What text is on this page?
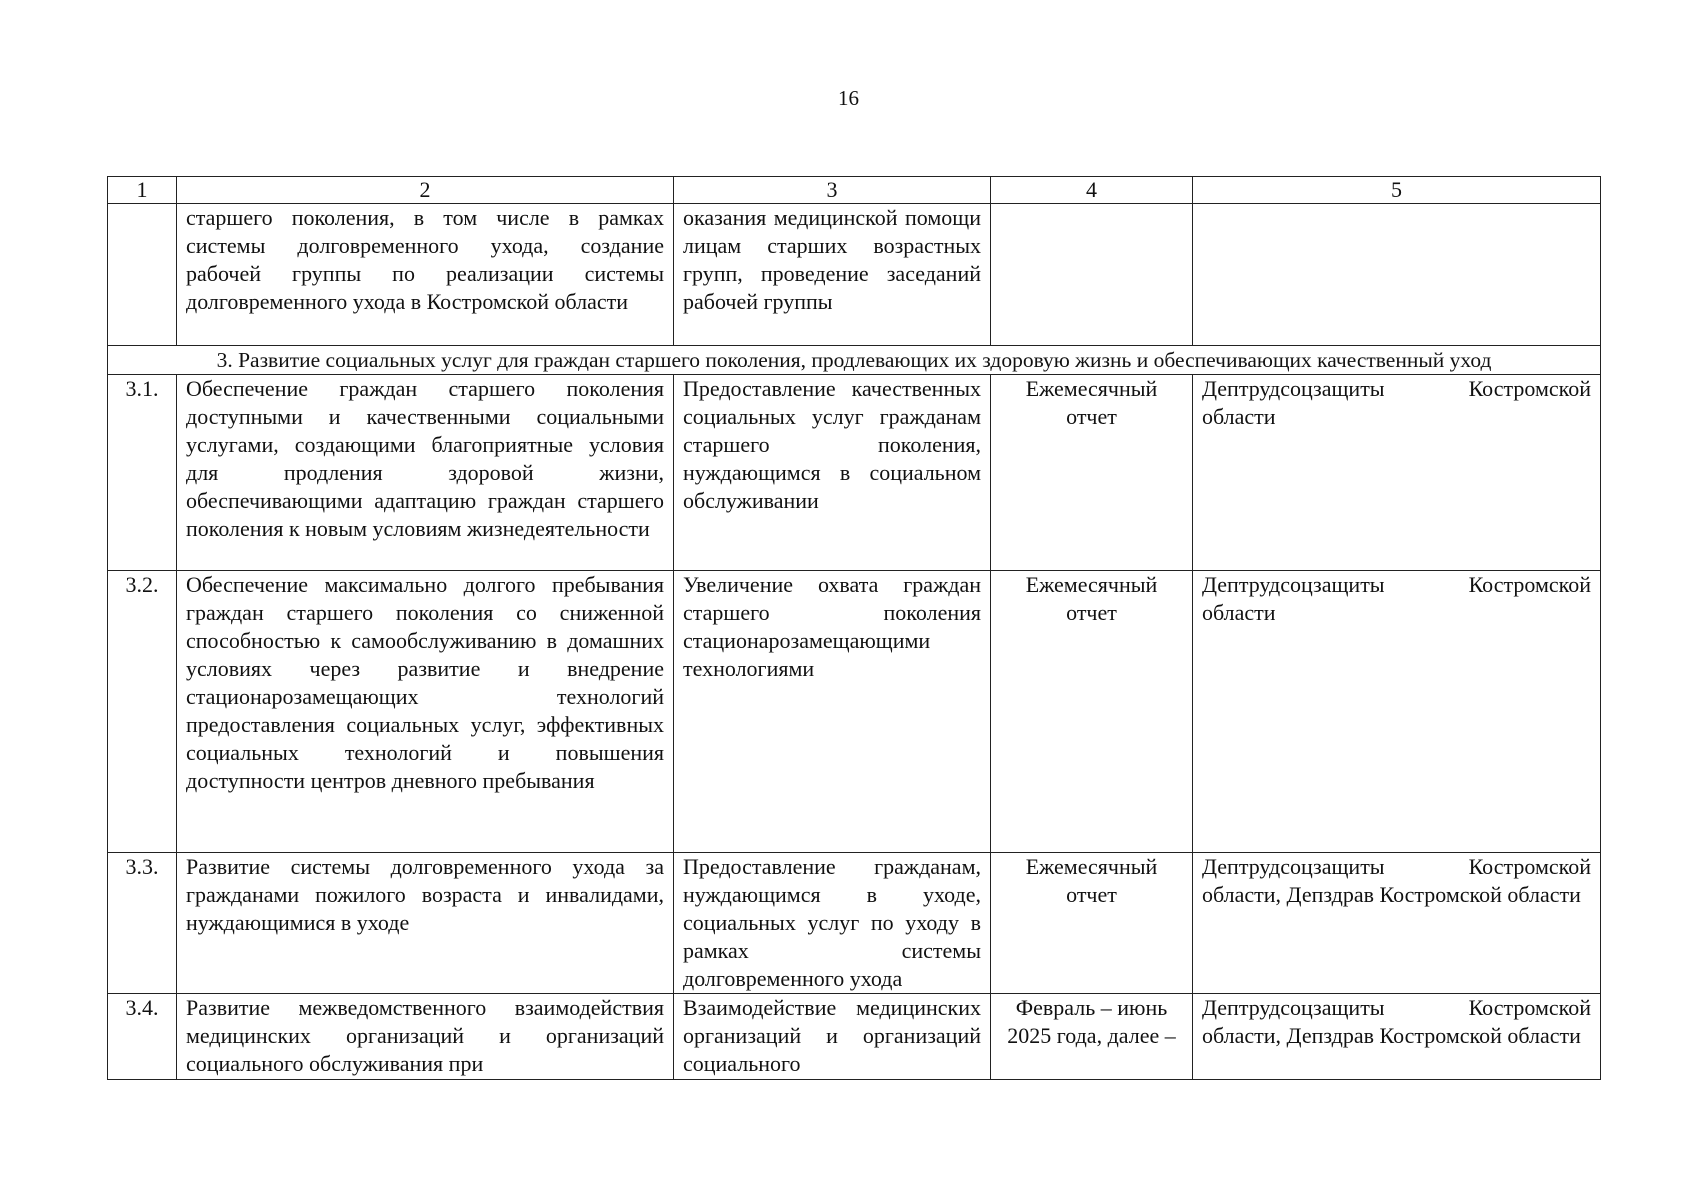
16
1	2	3	4	5
	старшего поколения, в том числе в рамках системы долговременного ухода, создание рабочей группы по реализации системы долговременного ухода в Костромской области	оказания медицинской помощи лицам старших возрастных групп, проведение заседаний рабочей группы		
3. Развитие социальных услуг для граждан старшего поколения, продлевающих их здоровую жизнь и обеспечивающих качественный уход				
3.1.	Обеспечение граждан старшего поколения доступными и качественными социальными услугами, создающими благоприятные условия для продления здоровой жизни, обеспечивающими адаптацию граждан старшего поколения к новым условиям жизнедеятельности	Предоставление качественных социальных услуг гражданам старшего поколения, нуждающимся в социальном обслуживании	Ежемесячный отчет	Дептрудсоцзащиты Костромской области
3.2.	Обеспечение максимально долгого пребывания граждан старшего поколения со сниженной способностью к самообслуживанию в домашних условиях через развитие и внедрение стационарозамещающих технологий предоставления социальных услуг, эффективных социальных технологий и повышения доступности центров дневного пребывания	Увеличение охвата граждан старшего поколения стационарозамещающими технологиями	Ежемесячный отчет	Дептрудсоцзащиты Костромской области
3.3.	Развитие системы долговременного ухода за гражданами пожилого возраста и инвалидами, нуждающимися в уходе	Предоставление гражданам, нуждающимся в уходе, социальных услуг по уходу в рамках системы долговременного ухода	Ежемесячный отчет	Дептрудсоцзащиты Костромской области, Депздрав Костромской области
3.4.	Развитие межведомственного взаимодействия медицинских организаций и организаций социального обслуживания при	Взаимодействие медицинских организаций и организаций социального	Февраль – июнь 2025 года, далее –	Дептрудсоцзащиты Костромской области, Депздрав Костромской области
